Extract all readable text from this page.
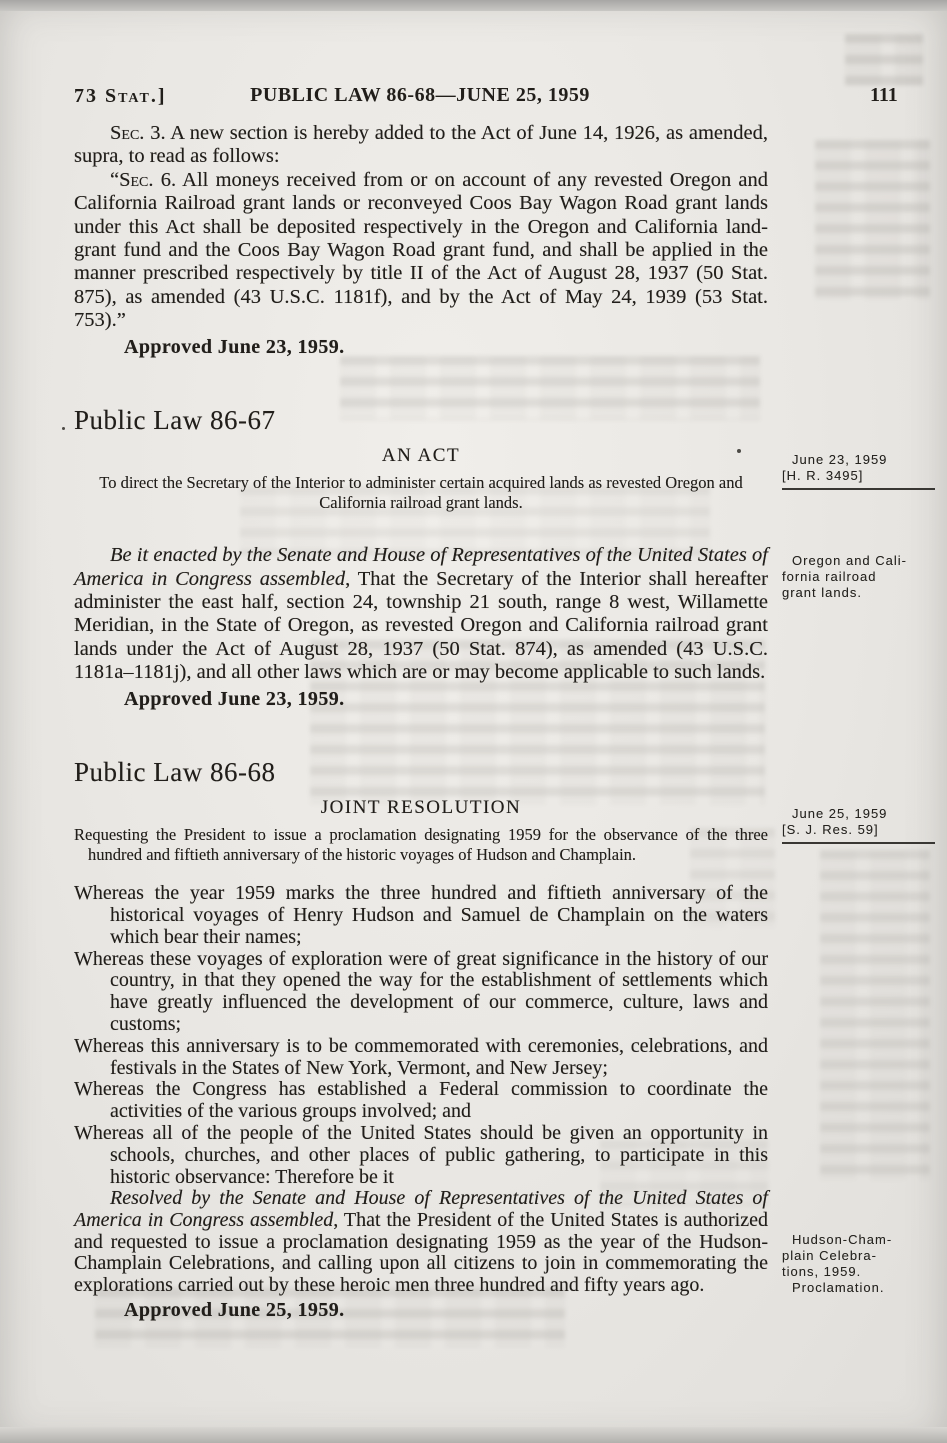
73 Stat.]	PUBLIC LAW 86-68—JUNE 25, 1959	111

Sec. 3. A new section is hereby added to the Act of June 14, 1926, as amended, supra, to read as follows:

“Sec. 6. All moneys received from or on account of any revested Oregon and California Railroad grant lands or reconveyed Coos Bay Wagon Road grant lands under this Act shall be deposited respectively in the Oregon and California land-grant fund and the Coos Bay Wagon Road grant fund, and shall be applied in the manner prescribed respectively by title II of the Act of August 28, 1937 (50 Stat. 875), as amended (43 U.S.C. 1181f), and by the Act of May 24, 1939 (53 Stat. 753).”

Approved June 23, 1959.

Public Law 86-67
AN ACT

To direct the Secretary of the Interior to administer certain acquired lands as revested Oregon and California railroad grant lands.

Be it enacted by the Senate and House of Representatives of the United States of America in Congress assembled, That the Secretary of the Interior shall hereafter administer the east half, section 24, township 21 south, range 8 west, Willamette Meridian, in the State of Oregon, as revested Oregon and California railroad grant lands under the Act of August 28, 1937 (50 Stat. 874), as amended (43 U.S.C. 1181a–1181j), and all other laws which are or may become applicable to such lands.

Approved June 23, 1959.

Public Law 86-68
JOINT RESOLUTION

Requesting the President to issue a proclamation designating 1959 for the observance of the three hundred and fiftieth anniversary of the historic voyages of Hudson and Champlain.

Whereas the year 1959 marks the three hundred and fiftieth anniversary of the historical voyages of Henry Hudson and Samuel de Champlain on the waters which bear their names;

Whereas these voyages of exploration were of great significance in the history of our country, in that they opened the way for the establishment of settlements which have greatly influenced the development of our commerce, culture, laws and customs;

Whereas this anniversary is to be commemorated with ceremonies, celebrations, and festivals in the States of New York, Vermont, and New Jersey;

Whereas the Congress has established a Federal commission to coordinate the activities of the various groups involved; and

Whereas all of the people of the United States should be given an opportunity in schools, churches, and other places of public gathering, to participate in this historic observance: Therefore be it

Resolved by the Senate and House of Representatives of the United States of America in Congress assembled, That the President of the United States is authorized and requested to issue a proclamation designating 1959 as the year of the Hudson-Champlain Celebrations, and calling upon all citizens to join in commemorating the explorations carried out by these heroic men three hundred and fifty years ago.

Approved June 25, 1959.

June 23, 1959
[H. R. 3495]
Oregon and Cali-
fornia railroad
grant lands.
June 25, 1959
[S. J. Res. 59]
Hudson-Cham-
plain Celebra-
tions, 1959.
Proclamation.
